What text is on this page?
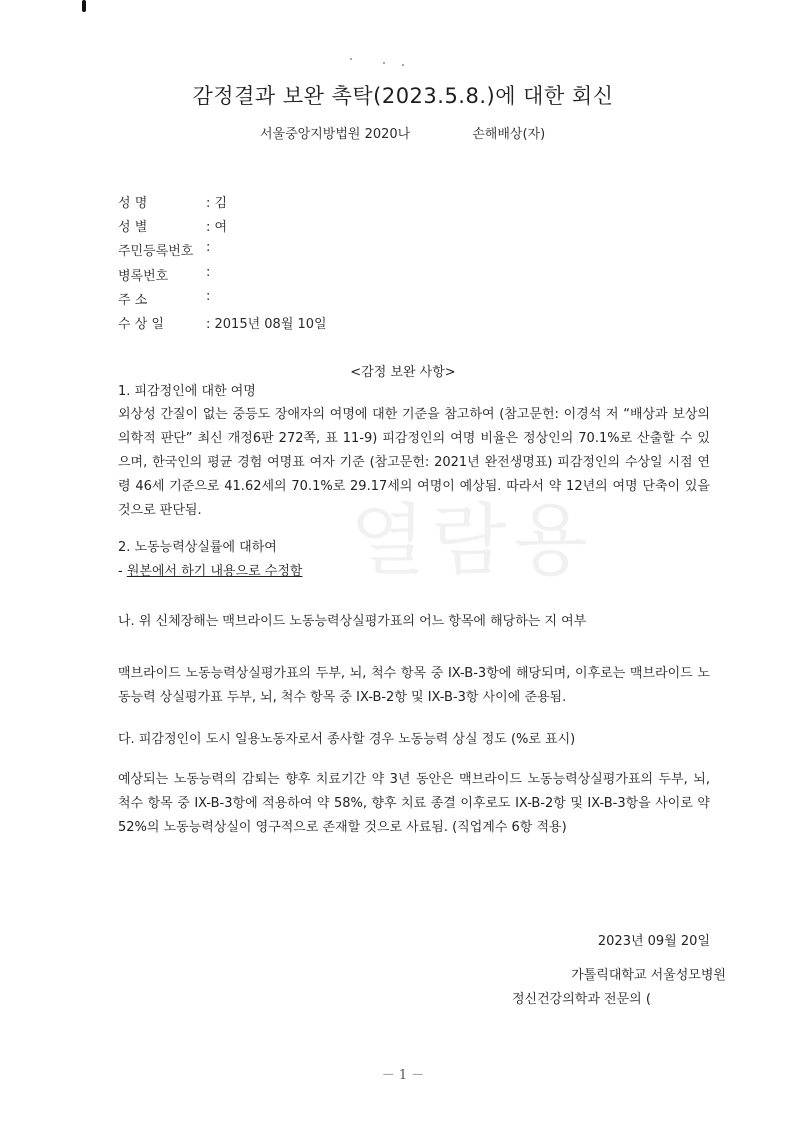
열람용
감정결과 보완 촉탁(2023.5.8.)에 대한 회신
서울중앙지방법원 2020나	손해배상(자)
성 명	: 김
성 별	: 여
주민등록번호 :
병록번호	:
주 소	:
수 상 일	: 2015년 08월 10일
<감정 보완 사항>
1. 피감정인에 대한 여명
외상성 간질이 없는 중등도 장애자의 여명에 대한 기준을 참고하여 (참고문헌: 이경석 저 “배상과 보상의 의학적 판단” 최신 개정6판 272쪽, 표 11-9) 피감정인의 여명 비율은 정상인의 70.1%로 산출할 수 있으며, 한국인의 평균 경험 여명표 여자 기준 (참고문헌: 2021년 완전생명표) 피감정인의 수상일 시점 연령 46세 기준으로 41.62세의 70.1%로 29.17세의 여명이 예상됨. 따라서 약 12년의 여명 단축이 있을 것으로 판단됨.
2. 노동능력상실률에 대하여
- 원본에서 하기 내용으로 수정함
나. 위 신체장해는 맥브라이드 노동능력상실평가표의 어느 항목에 해당하는 지 여부
맥브라이드 노동능력상실평가표의 두부, 뇌, 척수 항목 중 IX-B-3항에 해당되며, 이후로는 맥브라이드 노동능력 상실평가표 두부, 뇌, 척수 항목 중 IX-B-2항 및 IX-B-3항 사이에 준용됨.
다. 피감정인이 도시 일용노동자로서 종사할 경우 노동능력 상실 정도 (%로 표시)
예상되는 노동능력의 감퇴는 향후 치료기간 약 3년 동안은 맥브라이드 노동능력상실평가표의 두부, 뇌, 척수 항목 중 IX-B-3항에 적용하여 약 58%, 향후 치료 종결 이후로도 IX-B-2항 및 IX-B-3항을 사이로 약 52%의 노동능력상실이 영구적으로 존재할 것으로 사료됨. (직업계수 6항 적용)
2023년 09월 20일
가톨릭대학교 서울성모병원
정신건강의학과 전문의 (
－ 1 －
